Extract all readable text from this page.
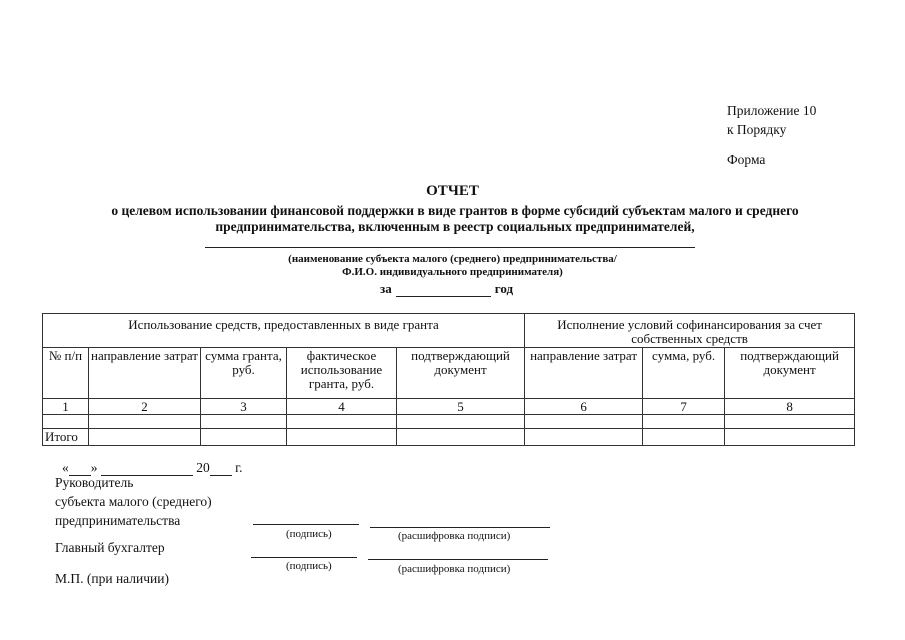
Приложение 10
к Порядку
Форма
ОТЧЕТ
о целевом использовании финансовой поддержки в виде грантов в форме субсидий субъектам малого и среднего предпринимательства, включенным в реестр социальных предпринимателей,
(наименование субъекта малого (среднего) предпринимательства/
Ф.И.О. индивидуального предпринимателя)
за	год
Использование средств, предоставленных в виде гранта					Исполнение условий софинансирования за счет собственных средств		
№ п/п	направление затрат	сумма гранта, руб.	фактическое использование гранта, руб.	подтверждающий документ	направление затрат	сумма, руб.	подтверждающий документ
1	2	3	4	5	6	7	8

Итого							
« »	20 г.
Руководитель
субъекта малого (среднего)
предпринимательства
(подпись)	(расшифровка подписи)
Главный бухгалтер
(подпись)	(расшифровка подписи)
М.П. (при наличии)
